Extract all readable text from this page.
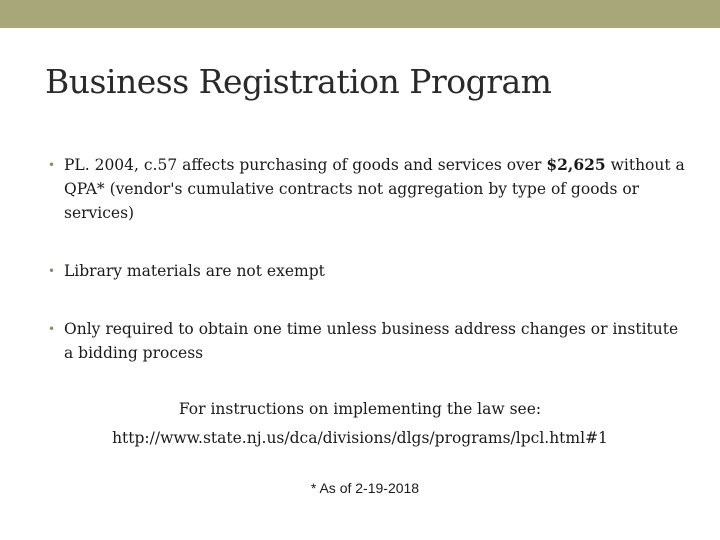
Business Registration Program
• PL. 2004, c.57 affects purchasing of goods and services over $2,625 without a QPA* (vendor's cumulative contracts not aggregation by type of goods or services)
• Library materials are not exempt
• Only required to obtain one time unless business address changes or institute a bidding process
For instructions on implementing the law see:
http://www.state.nj.us/dca/divisions/dlgs/programs/lpcl.html#1
* As of 2-19-2018
